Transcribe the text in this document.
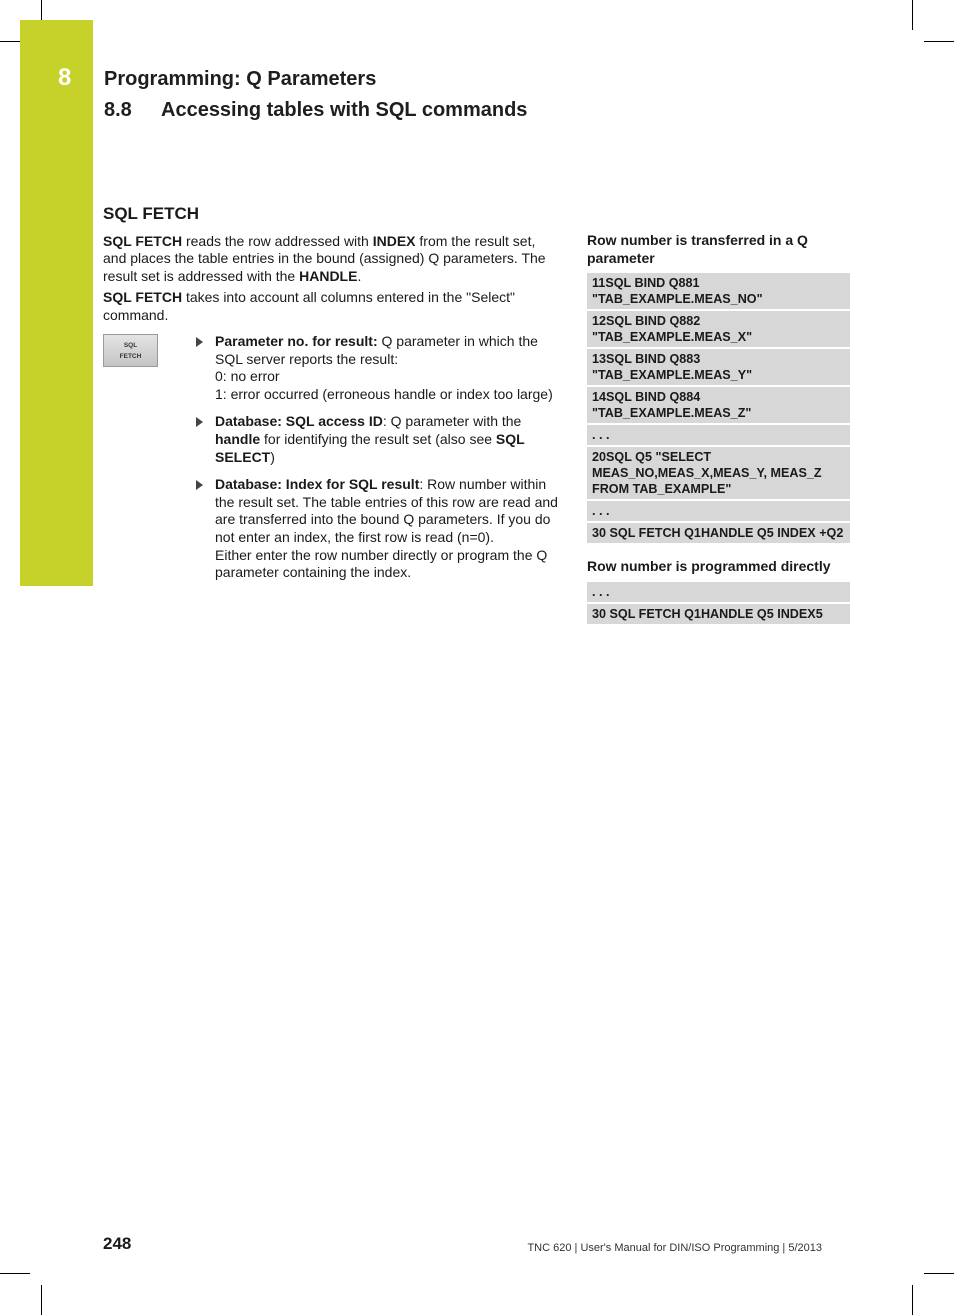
8 Programming: Q Parameters
8.8 Accessing tables with SQL commands
SQL FETCH

SQL FETCH reads the row addressed with INDEX from the result set, and places the table entries in the bound (assigned) Q parameters. The result set is addressed with the HANDLE.

SQL FETCH takes into account all columns entered in the "Select" command.

SQL
FETCH
Parameter no. for result: Q parameter in which the SQL server reports the result:
0: no error
1: error occurred (erroneous handle or index too large)
Database: SQL access ID: Q parameter with the handle for identifying the result set (also see SQL SELECT)
Database: Index for SQL result: Row number within the result set. The table entries of this row are read and are transferred into the bound Q parameters. If you do not enter an index, the first row is read (n=0).
Either enter the row number directly or program the Q parameter containing the index.
Row number is transferred in a Q parameter
11SQL BIND Q881 "TAB_EXAMPLE.MEAS_NO"
12SQL BIND Q882 "TAB_EXAMPLE.MEAS_X"
13SQL BIND Q883 "TAB_EXAMPLE.MEAS_Y"
14SQL BIND Q884 "TAB_EXAMPLE.MEAS_Z"
. . .
20SQL Q5 "SELECT MEAS_NO,MEAS_X,MEAS_Y, MEAS_Z FROM TAB_EXAMPLE"
. . .
30 SQL FETCH Q1HANDLE Q5 INDEX +Q2
Row number is programmed directly
. . .
30 SQL FETCH Q1HANDLE Q5 INDEX5
248	TNC 620 | User's Manual for DIN/ISO Programming | 5/2013
